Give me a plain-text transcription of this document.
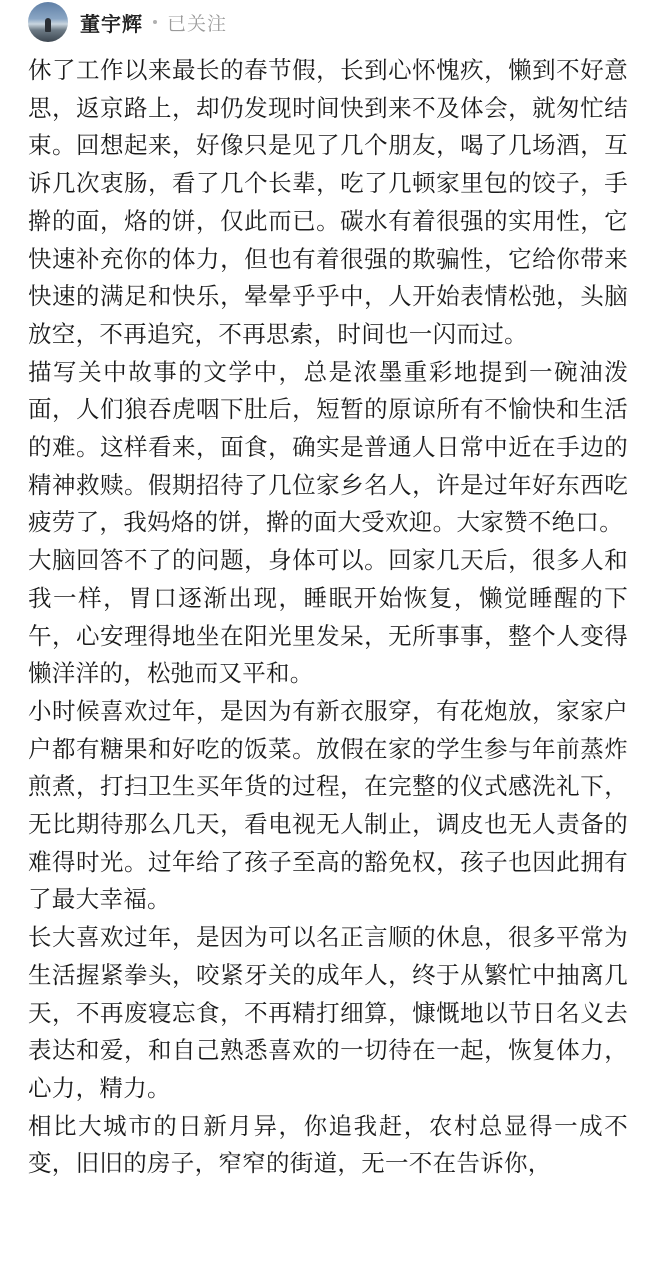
董宇辉 已关注

休了工作以来最长的春节假，长到心怀愧疚，懒到不好意思，返京路上，却仍发现时间快到来不及体会，就匆忙结束。回想起来，好像只是见了几个朋友，喝了几场酒，互诉几次衷肠，看了几个长辈，吃了几顿家里包的饺子，手擀的面，烙的饼，仅此而已。碳水有着很强的实用性，它快速补充你的体力，但也有着很强的欺骗性，它给你带来快速的满足和快乐，晕晕乎乎中，人开始表情松弛，头脑放空，不再追究，不再思索，时间也一闪而过。

描写关中故事的文学中，总是浓墨重彩地提到一碗油泼面，人们狼吞虎咽下肚后，短暂的原谅所有不愉快和生活的难。这样看来，面食，确实是普通人日常中近在手边的精神救赎。假期招待了几位家乡名人，许是过年好东西吃疲劳了，我妈烙的饼，擀的面大受欢迎。大家赞不绝口。

大脑回答不了的问题，身体可以。回家几天后，很多人和我一样，胃口逐渐出现，睡眠开始恢复，懒觉睡醒的下午，心安理得地坐在阳光里发呆，无所事事，整个人变得懒洋洋的，松弛而又平和。

小时候喜欢过年，是因为有新衣服穿，有花炮放，家家户户都有糖果和好吃的饭菜。放假在家的学生参与年前蒸炸煎煮，打扫卫生买年货的过程，在完整的仪式感洗礼下，无比期待那么几天，看电视无人制止，调皮也无人责备的难得时光。过年给了孩子至高的豁免权，孩子也因此拥有了最大幸福。

长大喜欢过年，是因为可以名正言顺的休息，很多平常为生活握紧拳头，咬紧牙关的成年人，终于从繁忙中抽离几天，不再废寝忘食，不再精打细算，慷慨地以节日名义去表达和爱，和自己熟悉喜欢的一切待在一起，恢复体力，心力，精力。

相比大城市的日新月异，你追我赶，农村总显得一成不变，旧旧的房子，窄窄的街道，无一不在告诉你，
